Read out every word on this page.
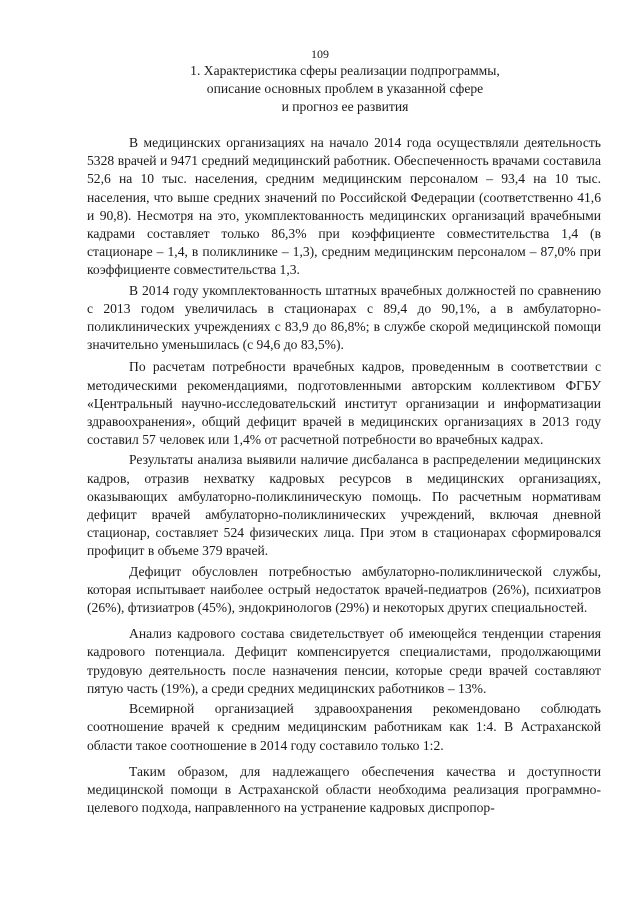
109
1. Характеристика сферы реализации подпрограммы,
описание основных проблем в указанной сфере
и прогноз ее развития

В медицинских организациях на начало 2014 года осуществляли деятельность 5328 врачей и 9471 средний медицинский работник. Обеспеченность врачами составила 52,6 на 10 тыс. населения, средним медицинским персоналом – 93,4 на 10 тыс. населения, что выше средних значений по Российской Федерации (соответственно 41,6 и 90,8). Несмотря на это, укомплектованность медицинских организаций врачебными кадрами составляет только 86,3% при коэффициенте совместительства 1,4 (в стационаре – 1,4, в поликлинике – 1,3), средним медицинским персоналом – 87,0% при коэффициенте совместительства 1,3.

В 2014 году укомплектованность штатных врачебных должностей по сравнению с 2013 годом увеличилась в стационарах с 89,4 до 90,1%, а в амбулаторно-поликлинических учреждениях с 83,9 до 86,8%; в службе скорой медицинской помощи значительно уменьшилась (с 94,6 до 83,5%).

По расчетам потребности врачебных кадров, проведенным в соответствии с методическими рекомендациями, подготовленными авторским коллективом ФГБУ «Центральный научно-исследовательский институт организации и информатизации здравоохранения», общий дефицит врачей в медицинских организациях в 2013 году составил 57 человек или 1,4% от расчетной потребности во врачебных кадрах.

Результаты анализа выявили наличие дисбаланса в распределении медицинских кадров, отразив нехватку кадровых ресурсов в медицинских организациях, оказывающих амбулаторно-поликлиническую помощь. По расчетным нормативам дефицит врачей амбулаторно-поликлинических учреждений, включая дневной стационар, составляет 524 физических лица. При этом в стационарах сформировался профицит в объеме 379 врачей.

Дефицит обусловлен потребностью амбулаторно-поликлинической службы, которая испытывает наиболее острый недостаток врачей-педиатров (26%), психиатров (26%), фтизиатров (45%), эндокринологов (29%) и некоторых других специальностей.

Анализ кадрового состава свидетельствует об имеющейся тенденции старения кадрового потенциала. Дефицит компенсируется специалистами, продолжающими трудовую деятельность после назначения пенсии, которые среди врачей составляют пятую часть (19%), а среди средних медицинских работников – 13%.

Всемирной организацией здравоохранения рекомендовано соблюдать соотношение врачей к средним медицинским работникам как 1:4. В Астраханской области такое соотношение в 2014 году составило только 1:2.

Таким образом, для надлежащего обеспечения качества и доступности медицинской помощи в Астраханской области необходима реализация программно-целевого подхода, направленного на устранение кадровых диспропор-
